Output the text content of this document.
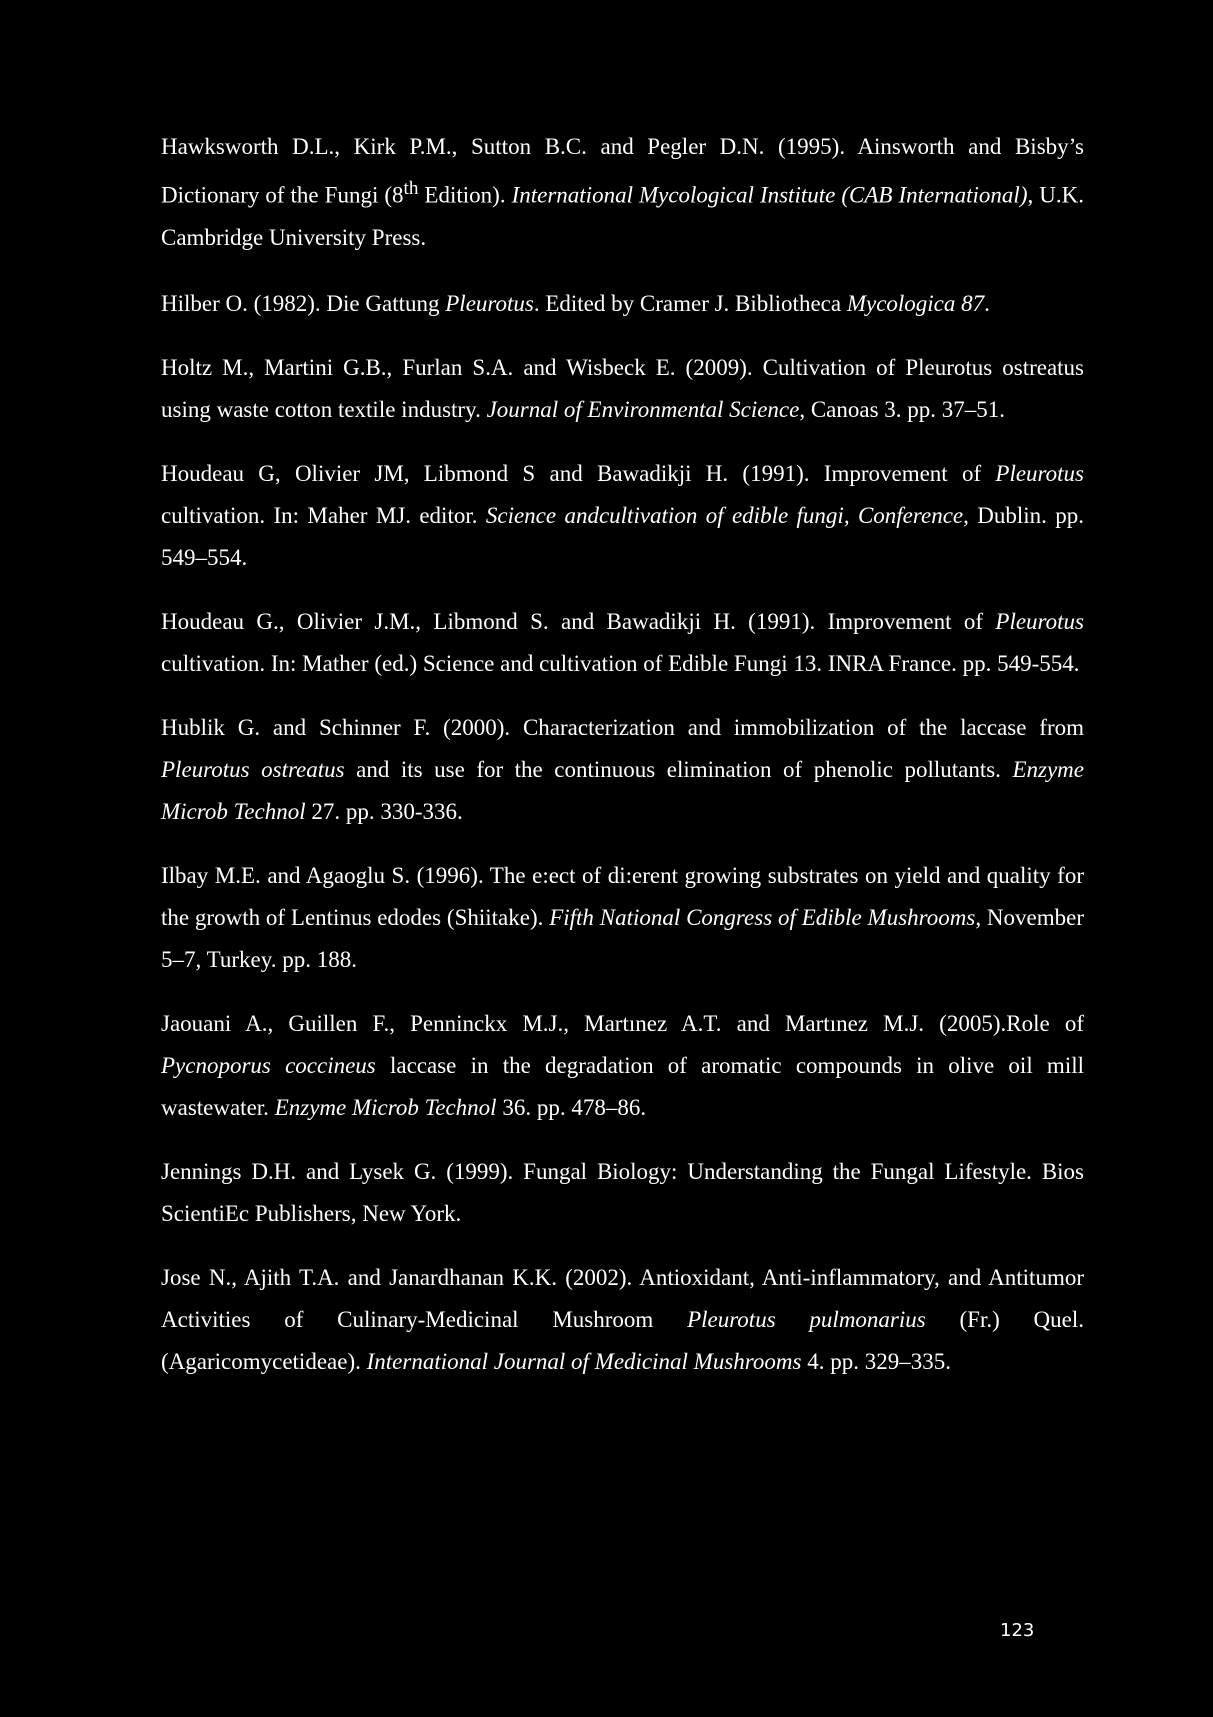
Hawksworth D.L., Kirk P.M., Sutton B.C. and Pegler D.N. (1995). Ainsworth and Bisby’s Dictionary of the Fungi (8th Edition). International Mycological Institute (CAB International), U.K. Cambridge University Press.

Hilber O. (1982). Die Gattung Pleurotus. Edited by Cramer J. Bibliotheca Mycologica 87.

Holtz M., Martini G.B., Furlan S.A. and Wisbeck E. (2009). Cultivation of Pleurotus ostreatus using waste cotton textile industry. Journal of Environmental Science, Canoas 3. pp. 37–51.

Houdeau G, Olivier JM, Libmond S and Bawadikji H. (1991). Improvement of Pleurotus cultivation. In: Maher MJ. editor. Science andcultivation of edible fungi, Conference, Dublin. pp. 549–554.

Houdeau G., Olivier J.M., Libmond S. and Bawadikji H. (1991). Improvement of Pleurotus cultivation. In: Mather (ed.) Science and cultivation of Edible Fungi 13. INRA France. pp. 549-554.

Hublik G. and Schinner F. (2000). Characterization and immobilization of the laccase from Pleurotus ostreatus and its use for the continuous elimination of phenolic pollutants. Enzyme Microb Technol 27. pp. 330-336.

Ilbay M.E. and Agaoglu S. (1996). The e:ect of di:erent growing substrates on yield and quality for the growth of Lentinus edodes (Shiitake). Fifth National Congress of Edible Mushrooms, November 5–7, Turkey. pp. 188.

Jaouani A., Guillen F., Penninckx M.J., Martınez A.T. and Martınez M.J. (2005).Role of Pycnoporus coccineus laccase in the degradation of aromatic compounds in olive oil mill wastewater. Enzyme Microb Technol 36. pp. 478–86.

Jennings D.H. and Lysek G. (1999). Fungal Biology: Understanding the Fungal Lifestyle. Bios ScientiEc Publishers, New York.

Jose N., Ajith T.A. and Janardhanan K.K. (2002). Antioxidant, Anti-inflammatory, and Antitumor Activities of Culinary-Medicinal Mushroom Pleurotus pulmonarius (Fr.) Quel. (Agaricomycetideae). International Journal of Medicinal Mushrooms 4. pp. 329–335.

123
